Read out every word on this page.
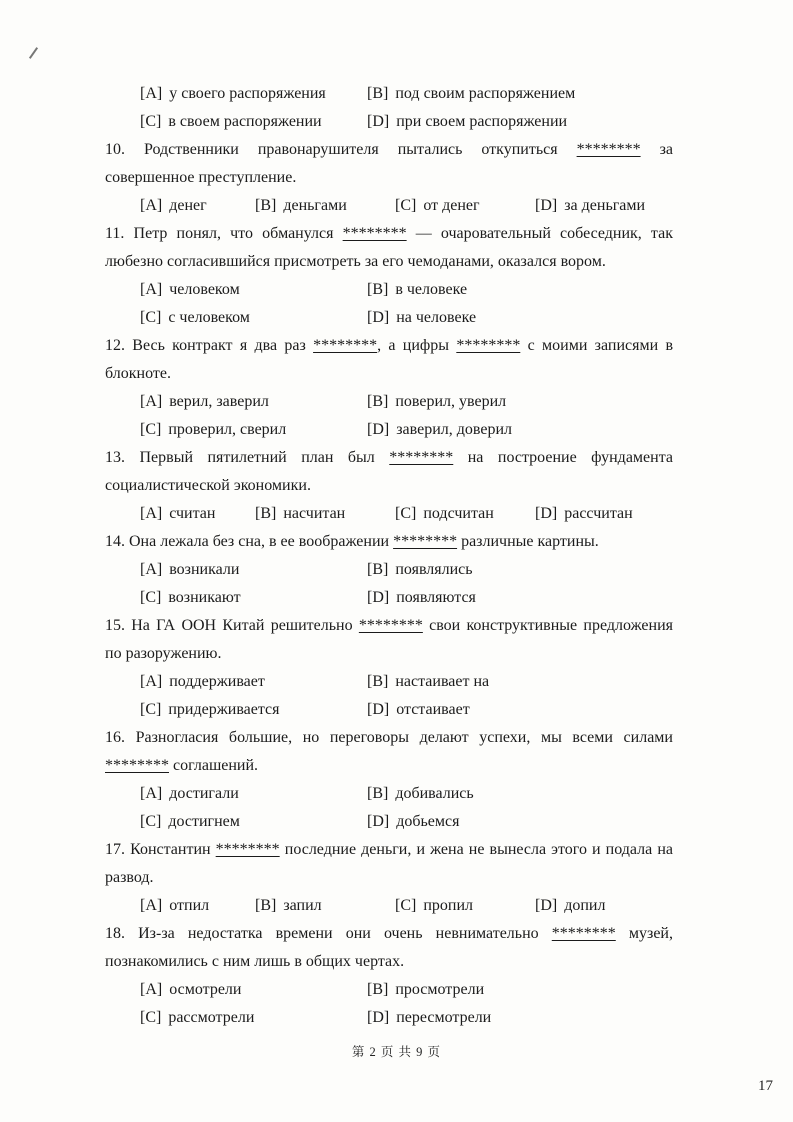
[A] у своего распоряжения	[B] под своим распоряжением
[C] в своем распоряжении	[D] при своем распоряжении

10. Родственники правонарушителя пытались откупиться ******** за совершенное преступление.

[A] денег	[B] деньгами	[C] от денег	[D] за деньгами

11. Петр понял, что обманулся ******** — очаровательный собеседник, так любезно согласившийся присмотреть за его чемоданами, оказался вором.

[A] человеком	[B] в человеке
[C] с человеком	[D] на человеке

12. Весь контракт я два раз ********, а цифры ******** с моими записями в блокноте.

[A] верил, заверил	[B] поверил, уверил
[C] проверил, сверил	[D] заверил, доверил

13. Первый пятилетний план был ******** на построение фундамента социалистической экономики.

[A] считан	[B] насчитан	[C] подсчитан	[D] рассчитан

14. Она лежала без сна, в ее воображении ******** различные картины.

[A] возникали	[B] появлялись
[C] возникают	[D] появляются

15. На ГА ООН Китай решительно ******** свои конструктивные предложения по разоружению.

[A] поддерживает	[B] настаивает на
[C] придерживается	[D] отстаивает

16. Разногласия большие, но переговоры делают успехи, мы всеми силами ******** соглашений.

[A] достигали	[B] добивались
[C] достигнем	[D] добьемся

17. Константин ******** последние деньги, и жена не вынесла этого и подала на развод.

[A] отпил	[B] запил	[C] пропил	[D] допил

18. Из-за недостатка времени они очень невнимательно ******** музей, познакомились с ним лишь в общих чертах.

[A] осмотрели	[B] просмотрели
[C] рассмотрели	[D] пересмотрели
第 2 页 共 9 页
17
